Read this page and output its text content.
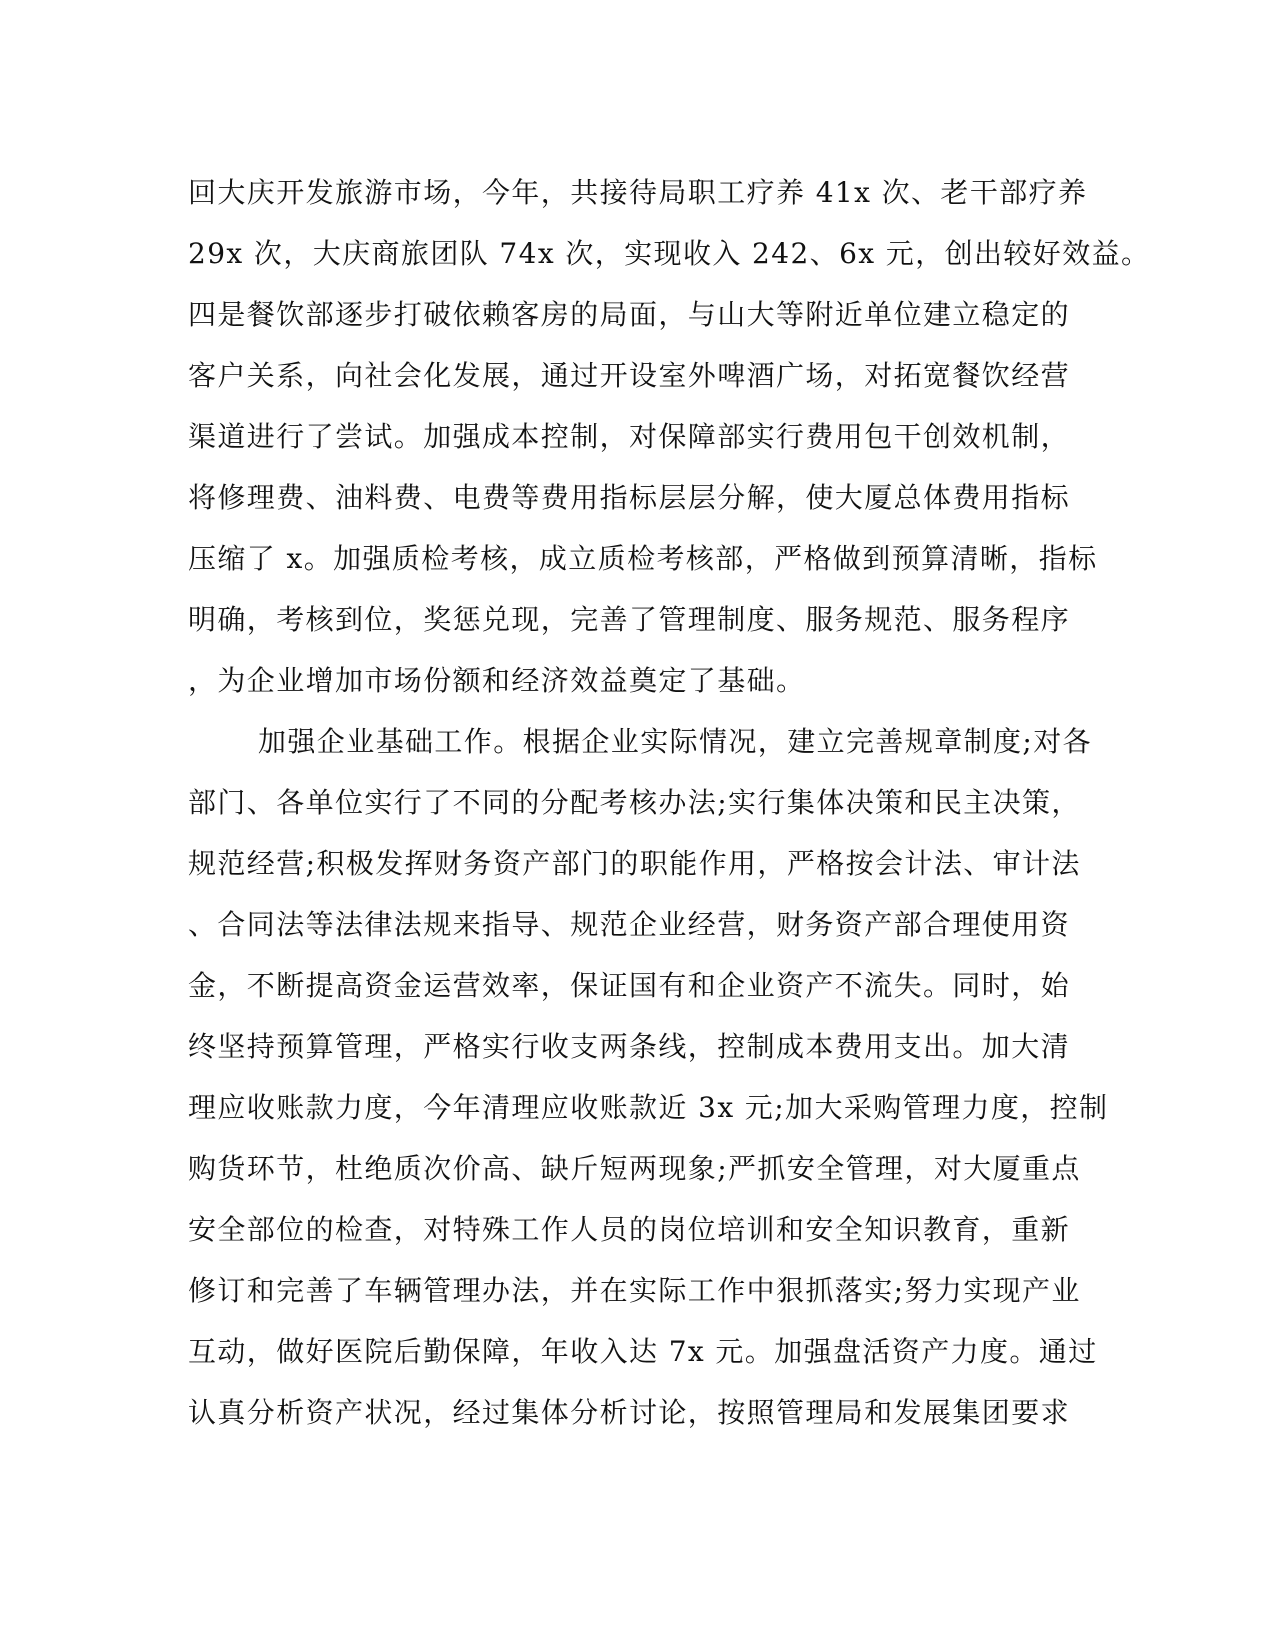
回大庆开发旅游市场，今年，共接待局职工疗养 41x 次、老干部疗养
29x 次，大庆商旅团队 74x 次，实现收入 242、6x 元，创出较好效益。
四是餐饮部逐步打破依赖客房的局面，与山大等附近单位建立稳定的
客户关系，向社会化发展，通过开设室外啤酒广场，对拓宽餐饮经营
渠道进行了尝试。加强成本控制，对保障部实行费用包干创效机制，
将修理费、油料费、电费等费用指标层层分解，使大厦总体费用指标
压缩了 x。加强质检考核，成立质检考核部，严格做到预算清晰，指标
明确，考核到位，奖惩兑现，完善了管理制度、服务规范、服务程序
，为企业增加市场份额和经济效益奠定了基础。
加强企业基础工作。根据企业实际情况，建立完善规章制度;对各
部门、各单位实行了不同的分配考核办法;实行集体决策和民主决策，
规范经营;积极发挥财务资产部门的职能作用，严格按会计法、审计法
、合同法等法律法规来指导、规范企业经营，财务资产部合理使用资
金，不断提高资金运营效率，保证国有和企业资产不流失。同时，始
终坚持预算管理，严格实行收支两条线，控制成本费用支出。加大清
理应收账款力度，今年清理应收账款近 3x 元;加大采购管理力度，控制
购货环节，杜绝质次价高、缺斤短两现象;严抓安全管理，对大厦重点
安全部位的检查，对特殊工作人员的岗位培训和安全知识教育，重新
修订和完善了车辆管理办法，并在实际工作中狠抓落实;努力实现产业
互动，做好医院后勤保障，年收入达 7x 元。加强盘活资产力度。通过
认真分析资产状况，经过集体分析讨论，按照管理局和发展集团要求
